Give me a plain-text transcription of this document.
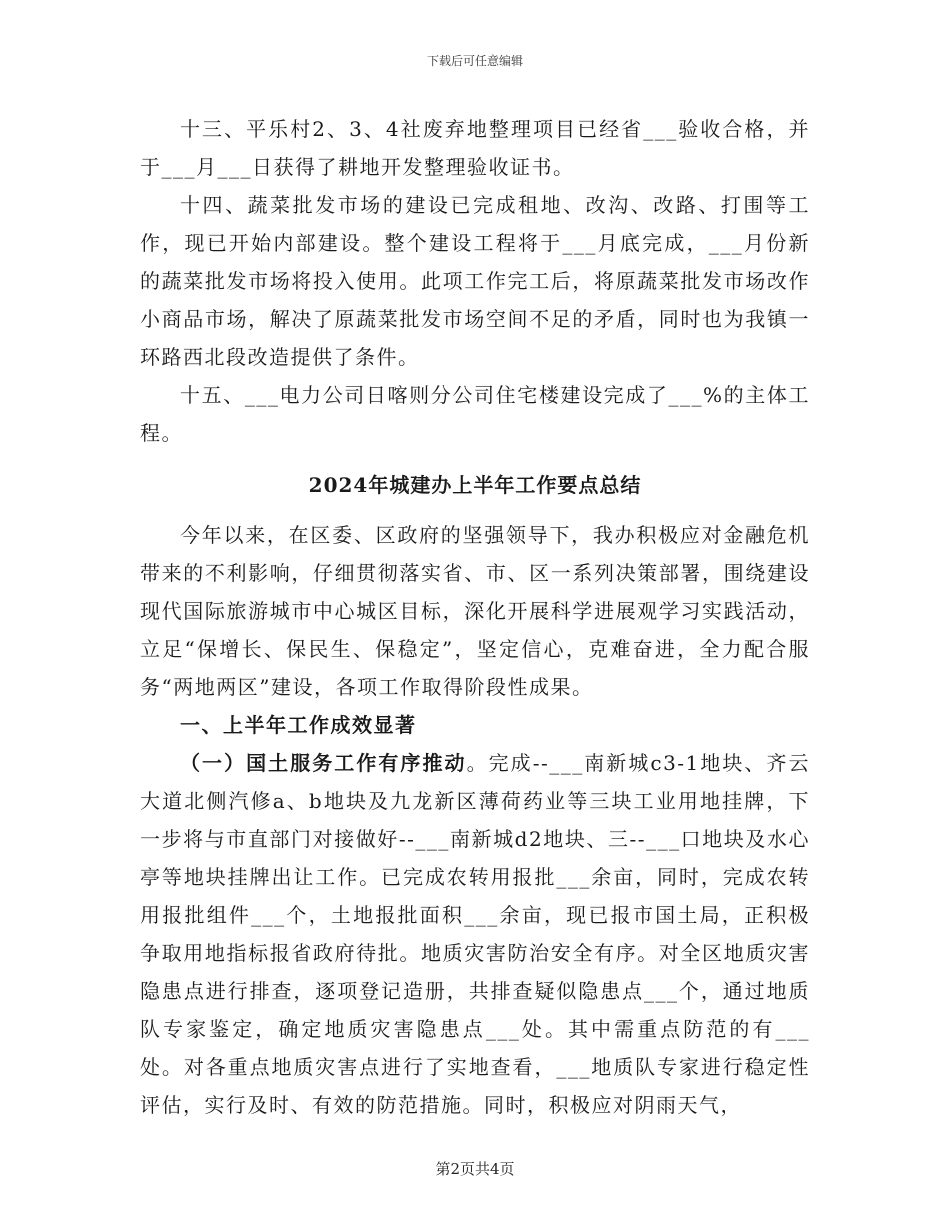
下载后可任意编辑

十三、平乐村2、3、4社废弃地整理项目已经省___验收合格，并于___月___日获得了耕地开发整理验收证书。

十四、蔬菜批发市场的建设已完成租地、改沟、改路、打围等工作，现已开始内部建设。整个建设工程将于___月底完成，___月份新的蔬菜批发市场将投入使用。此项工作完工后，将原蔬菜批发市场改作小商品市场，解决了原蔬菜批发市场空间不足的矛盾，同时也为我镇一环路西北段改造提供了条件。

十五、___电力公司日喀则分公司住宅楼建设完成了___%的主体工程。

2024年城建办上半年工作要点总结

今年以来，在区委、区政府的坚强领导下，我办积极应对金融危机带来的不利影响，仔细贯彻落实省、市、区一系列决策部署，围绕建设现代国际旅游城市中心城区目标，深化开展科学进展观学习实践活动，立足“保增长、保民生、保稳定”，坚定信心，克难奋进，全力配合服务“两地两区”建设，各项工作取得阶段性成果。

一、上半年工作成效显著

（一）国土服务工作有序推动。完成--___南新城c3-1地块、齐云大道北侧汽修a、b地块及九龙新区薄荷药业等三块工业用地挂牌，下一步将与市直部门对接做好--___南新城d2地块、三--___口地块及水心亭等地块挂牌出让工作。已完成农转用报批___余亩，同时，完成农转用报批组件___个，土地报批面积___余亩，现已报市国土局，正积极争取用地指标报省政府待批。地质灾害防治安全有序。对全区地质灾害隐患点进行排查，逐项登记造册，共排查疑似隐患点___个，通过地质队专家鉴定，确定地质灾害隐患点___处。其中需重点防范的有___处。对各重点地质灾害点进行了实地查看，___地质队专家进行稳定性评估，实行及时、有效的防范措施。同时，积极应对阴雨天气，

第2页共4页
